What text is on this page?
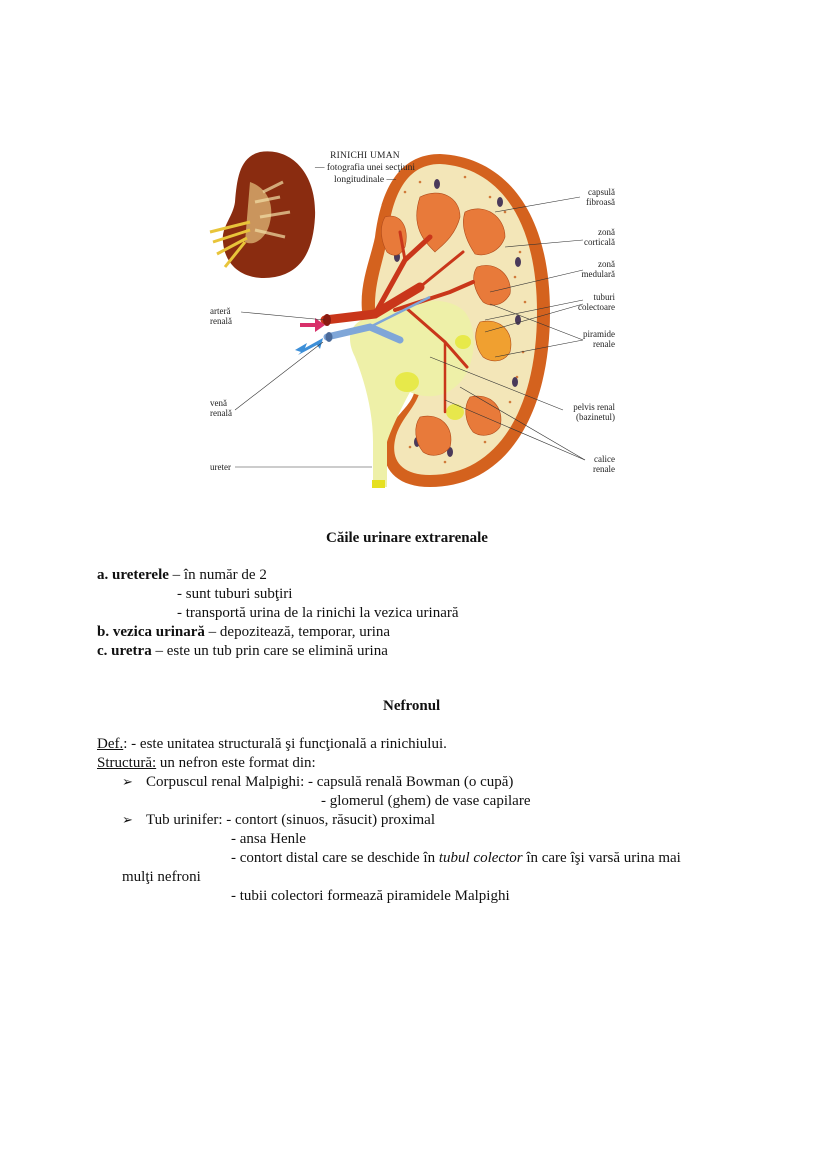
RINICHI UMAN
— fotografia unei secţiuni
longitudinale —
capsulă
fibroasă
zonă
corticală
zonă
medulară
tuburi
colectoare
piramide
renale
pelvis renal
(bazinetul)
calice
renale
arteră
renală
venă
renală
ureter
Căile urinare extrarenale
a. ureterele – în număr de 2
- sunt tuburi subţiri
- transportă urina de la rinichi la vezica urinară
b. vezica urinară – depozitează, temporar, urina
c. uretra – este un tub prin care se elimină urina
Nefronul
Def.: - este unitatea structurală şi funcţională a rinichiului.
Structură: un nefron este format din:
➢ Corpuscul renal Malpighi: - capsulă renală Bowman (o cupă)
- glomerul (ghem) de vase capilare
➢ Tub urinifer: - contort (sinuos, răsucit) proximal
- ansa Henle
- contort distal care se deschide în tubul colector în care îşi varsă urina mai
mulţi nefroni
- tubii colectori formează piramidele Malpighi
